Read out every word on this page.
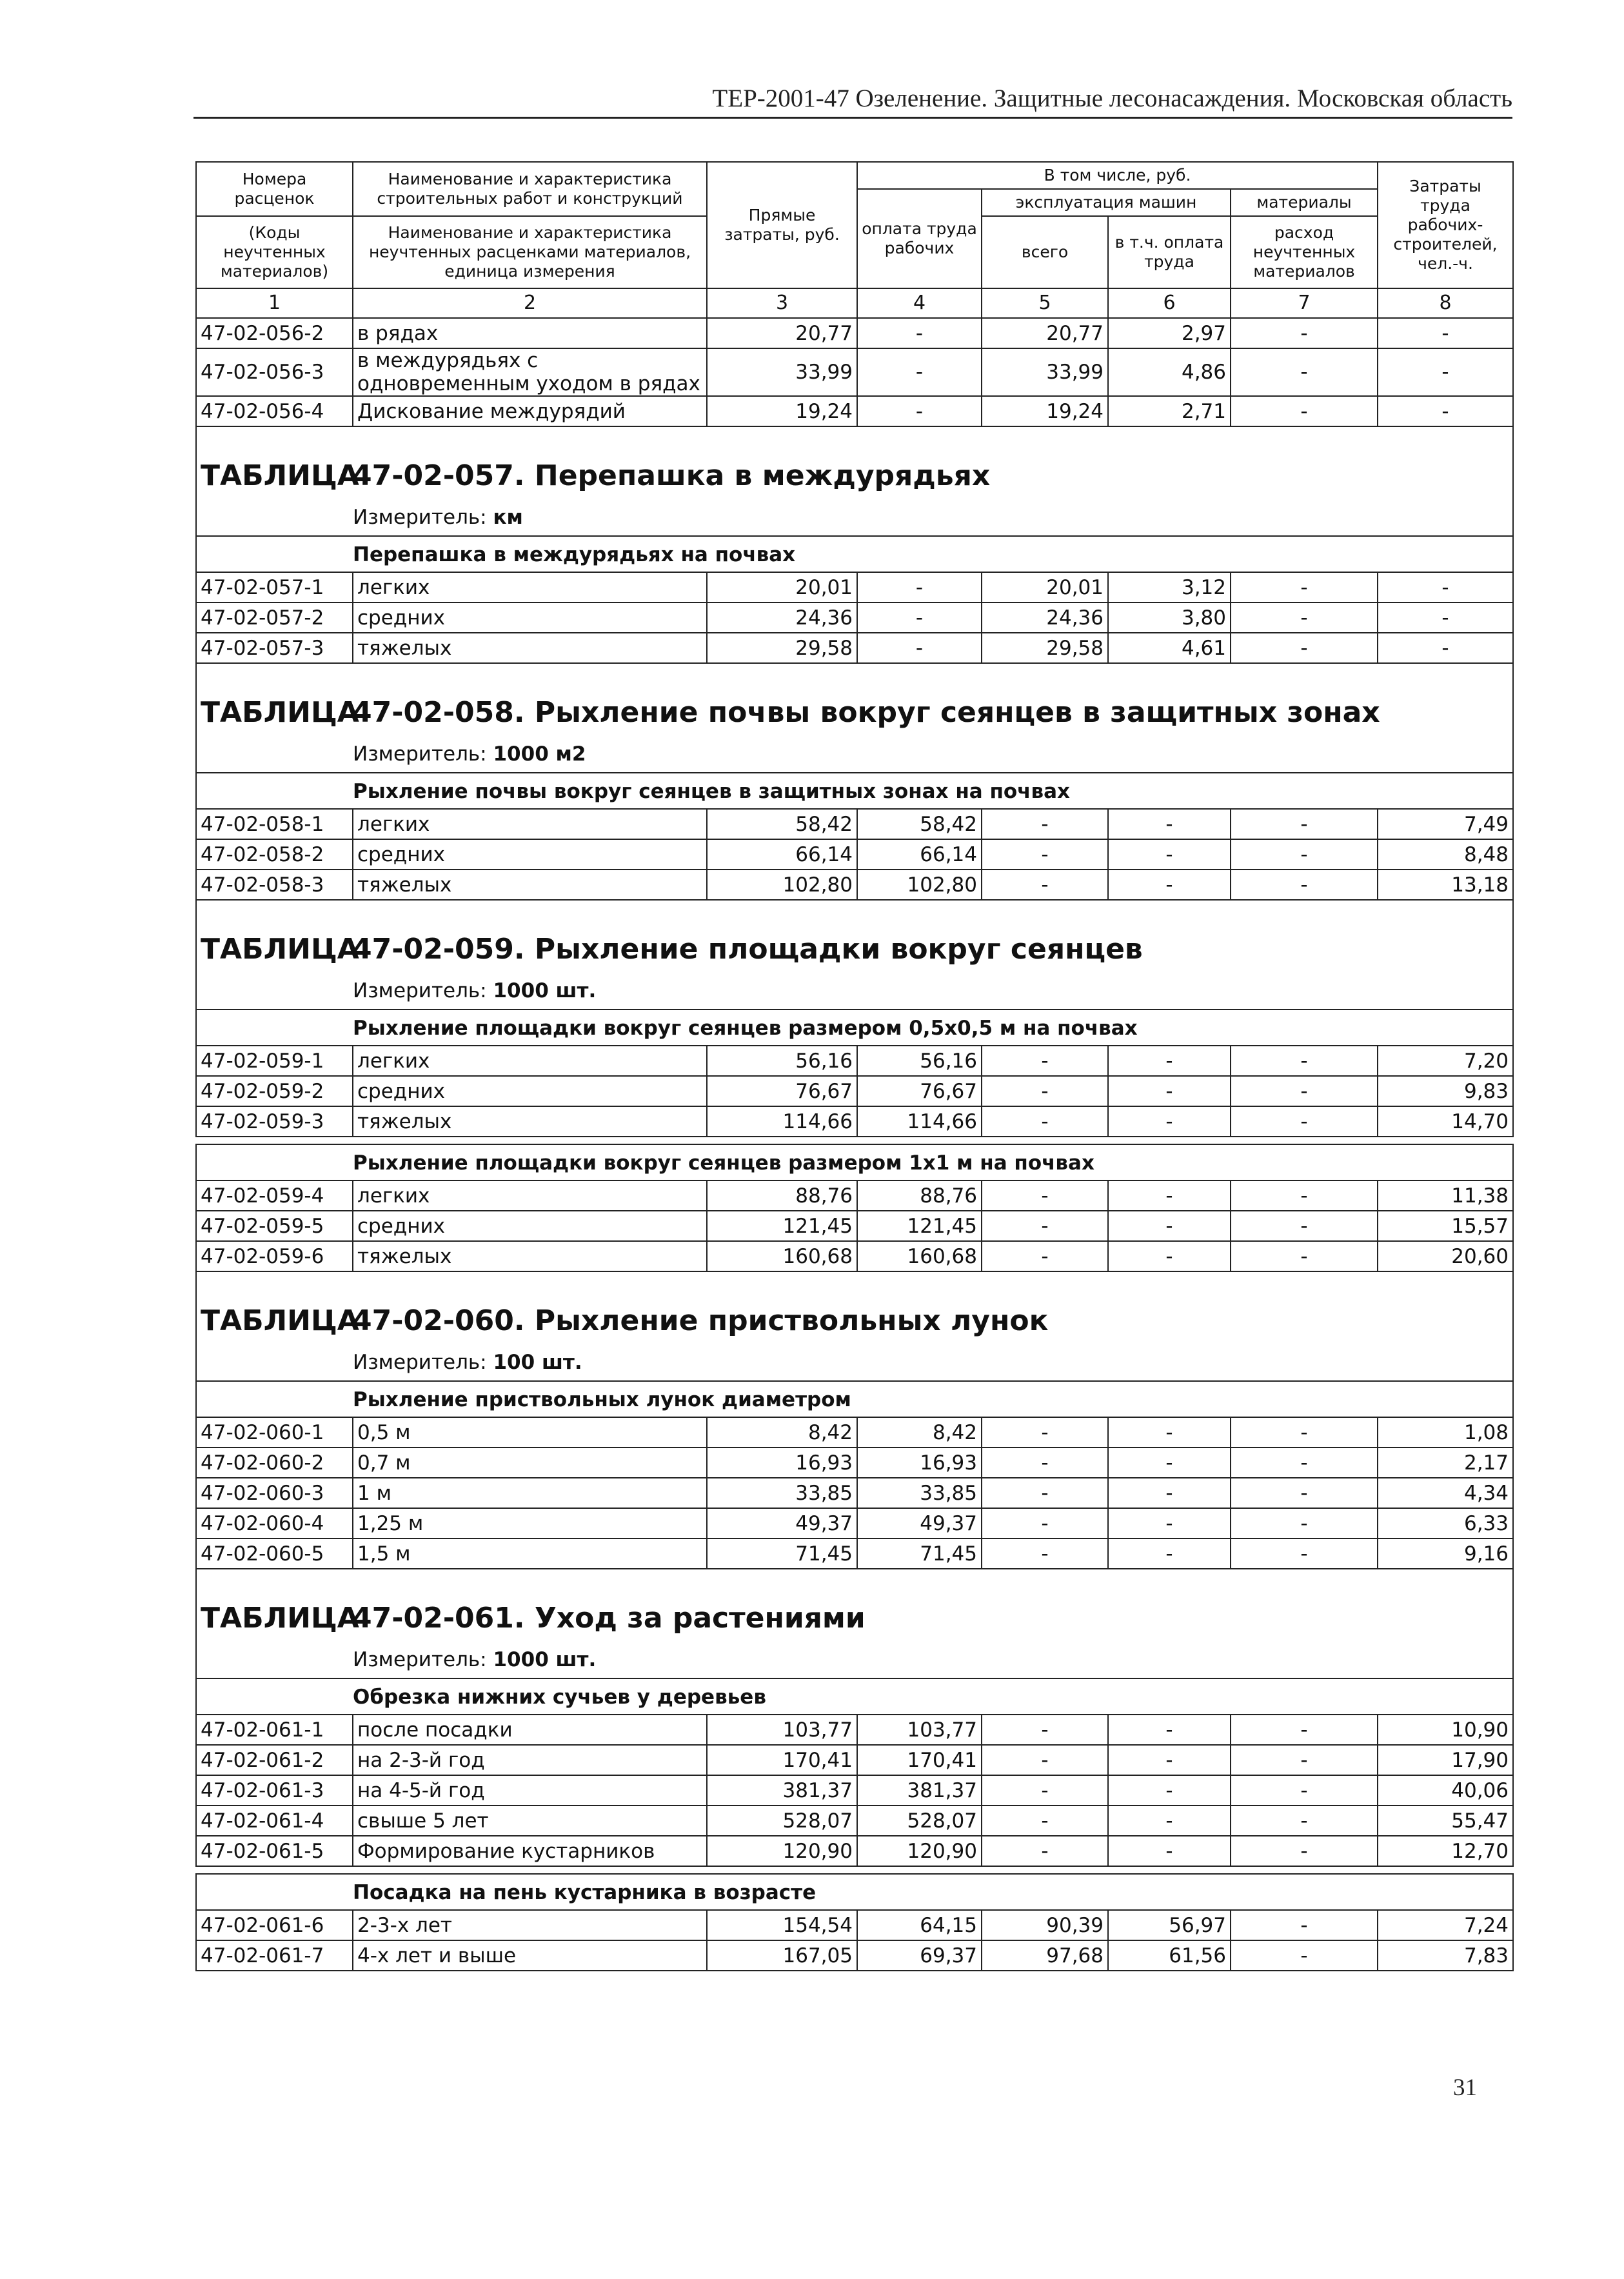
ТЕР-2001-47 Озеленение. Защитные лесонасаждения. Московская область
Номера расценок	Наименование и характеристика строительных работ и конструкций	Прямые затраты, руб.	В том числе, руб.				Затраты труда рабочих-строителей, чел.-ч.
			оплата труда рабочих	эксплуатация машин		материалы	
(Коды неучтенных материалов)	Наименование и характеристика неучтенных расценками материалов, единица измерения			всего	в т.ч. оплата труда	расход неучтенных материалов	

1	2	3	4	5	6	7	8
47-02-056-2	в рядах	20,77	-	20,77	2,97	-	-
47-02-056-3	в междурядьях с одновременным уходом в рядах	33,99	-	33,99	4,86	-	-
47-02-056-4	Дискование междурядий	19,24	-	19,24	2,71	-	-
ТАБЛИЦА47-02-057. Перепашка в междурядьях							
Измеритель: км							
Перепашка в междурядьях на почвах							
47-02-057-1	легких	20,01	-	20,01	3,12	-	-
47-02-057-2	средних	24,36	-	24,36	3,80	-	-
47-02-057-3	тяжелых	29,58	-	29,58	4,61	-	-
ТАБЛИЦА47-02-058. Рыхление почвы вокруг сеянцев в защитных зонах							
Измеритель: 1000 м2							
Рыхление почвы вокруг сеянцев в защитных зонах на почвах							
47-02-058-1	легких	58,42	58,42	-	-	-	7,49
47-02-058-2	средних	66,14	66,14	-	-	-	8,48
47-02-058-3	тяжелых	102,80	102,80	-	-	-	13,18
ТАБЛИЦА47-02-059. Рыхление площадки вокруг сеянцев							
Измеритель: 1000 шт.							
Рыхление площадки вокруг сеянцев размером 0,5х0,5 м на почвах							
47-02-059-1	легких	56,16	56,16	-	-	-	7,20
47-02-059-2	средних	76,67	76,67	-	-	-	9,83
47-02-059-3	тяжелых	114,66	114,66	-	-	-	14,70

Рыхление площадки вокруг сеянцев размером 1х1 м на почвах							
47-02-059-4	легких	88,76	88,76	-	-	-	11,38
47-02-059-5	средних	121,45	121,45	-	-	-	15,57
47-02-059-6	тяжелых	160,68	160,68	-	-	-	20,60
ТАБЛИЦА47-02-060. Рыхление приствольных лунок							
Измеритель: 100 шт.							
Рыхление приствольных лунок диаметром							
47-02-060-1	0,5 м	8,42	8,42	-	-	-	1,08
47-02-060-2	0,7 м	16,93	16,93	-	-	-	2,17
47-02-060-3	1 м	33,85	33,85	-	-	-	4,34
47-02-060-4	1,25 м	49,37	49,37	-	-	-	6,33
47-02-060-5	1,5 м	71,45	71,45	-	-	-	9,16
ТАБЛИЦА47-02-061. Уход за растениями							
Измеритель: 1000 шт.							
Обрезка нижних сучьев у деревьев							
47-02-061-1	после посадки	103,77	103,77	-	-	-	10,90
47-02-061-2	на 2-3-й год	170,41	170,41	-	-	-	17,90
47-02-061-3	на 4-5-й год	381,37	381,37	-	-	-	40,06
47-02-061-4	свыше 5 лет	528,07	528,07	-	-	-	55,47
47-02-061-5	Формирование кустарников	120,90	120,90	-	-	-	12,70

Посадка на пень кустарника в возрасте							
47-02-061-6	2-3-х лет	154,54	64,15	90,39	56,97	-	7,24
47-02-061-7	4-х лет и выше	167,05	69,37	97,68	61,56	-	7,83
31
